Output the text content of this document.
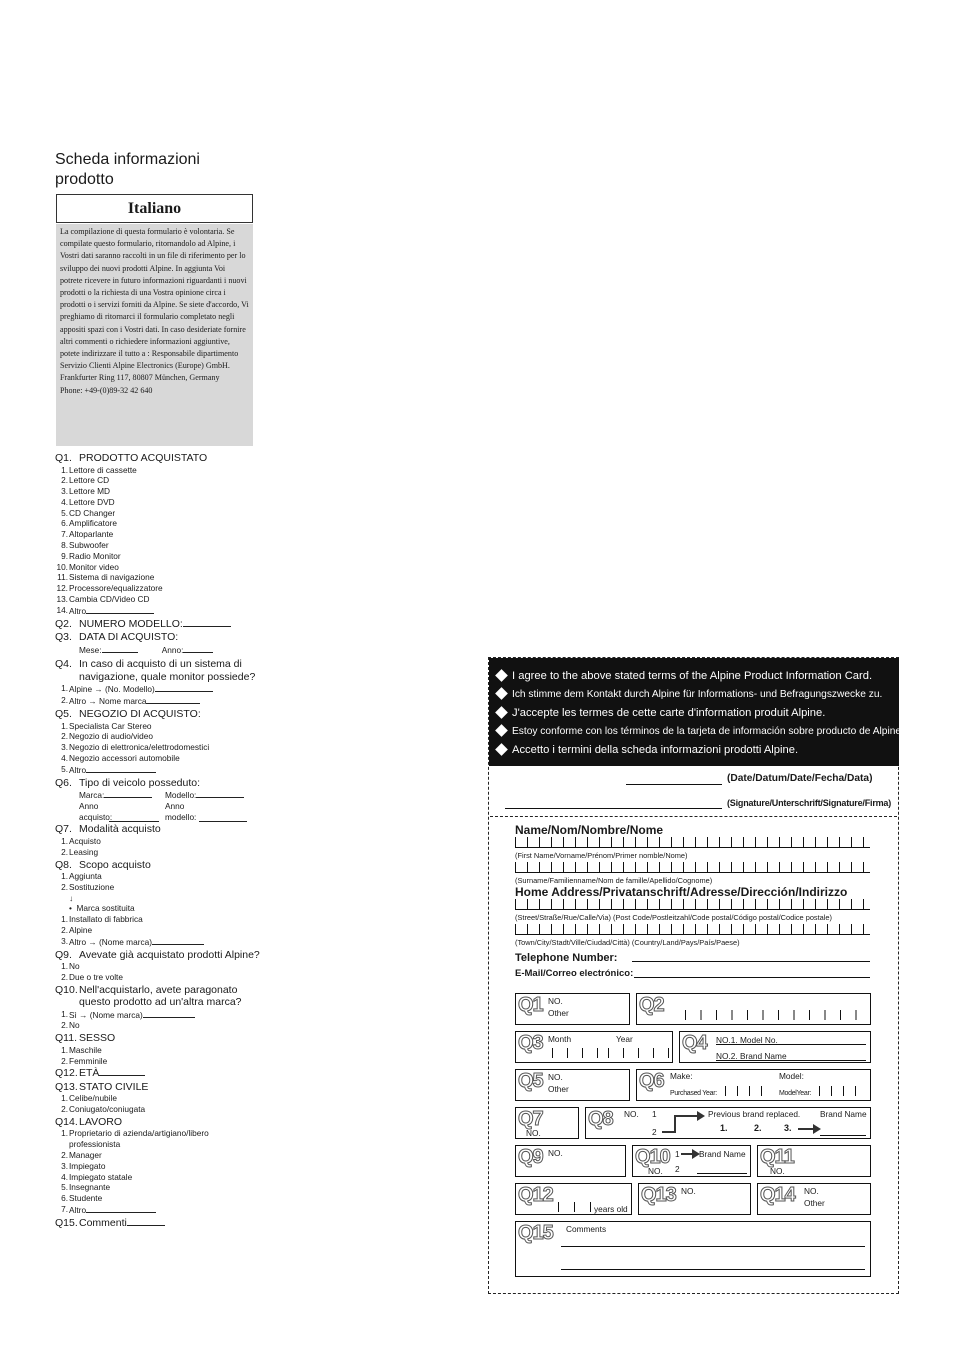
Scheda informazioni prodotto
Italiano

La compilazione di questa formulario è volontaria. Se compilate questo formulario, ritornandolo ad Alpine, i Vostri dati saranno raccolti in un file di riferimento per lo sviluppo dei nuovi prodotti Alpine. In aggiunta Voi potrete ricevere in futuro informazioni riguardanti i nuovi prodotti o la richiesta di una Vostra opinione circa i prodotti o i servizi forniti da Alpine. Se siete d'accordo, Vi preghiamo di ritornarci il formulario completato negli appositi spazi con i Vostri dati. In caso desideriate fornire altri commenti o richiedere informazioni aggiuntive, potete indirizzare il tutto a : Responsabile dipartimento Servizio Clienti Alpine Electronics (Europe) GmbH.

Frankfurter Ring 117, 80807 München, Germany

Phone: +49-(0)89-32 42 640

Q1. PRODOTTO ACQUISTATO
1. Lettore di cassette
2. Lettore CD
3. Lettore MD
4. Lettore DVD
5. CD Changer
6. Amplificatore
7. Altoparlante
8. Subwoofer
9. Radio Monitor
10. Monitor video
11. Sistema di navigazione
12. Processore/equalizzatore
13. Cambia CD/Video CD
14. Altro
Q2. NUMERO MODELLO:
Q3. DATA DI ACQUISTO:
Mese:	Anno:
Q4. In caso di acquisto di un sistema di navigazione, quale monitor possiede?
1. Alpine → (No. Modello)
2. Altro → Nome marca
Q5. NEGOZIO DI ACQUISTO:
1. Specialista Car Stereo
2. Negozio di audio/video
3. Negozio di elettronica/elettrodomestici
4. Negozio accessori automobile
5. Altro
Q6. Tipo di veicolo posseduto:
Marca:	Modello:
Anno acquisto:
Anno modello:
Q7. Modalità acquisto
1. Acquisto
2. Leasing
Q8. Scopo acquisto
1. Aggiunta
2. Sostituzione
↓
•  Marca sostituita
1. Installato di fabbrica
2. Alpine
3. Altro → (Nome marca)
Q9. Avevate già acquistato prodotti Alpine?
1. No
2. Due o tre volte
Q10. Nell'acquistarlo, avete paragonato questo prodotto ad un'altra marca?
1. Sì → (Nome marca)
2. No
Q11. SESSO
1. Maschile
2. Femminile
Q12. ETÀ
Q13. STATO CIVILE
1. Celibe/nubile
2. Coniugato/coniugata
Q14. LAVORO
1. Proprietario di azienda/artigiano/libero professionista
2. Manager
3. Impiegato
4. Impiegato statale
5. Insegnante
6. Studente
7. Altro
Q15. Commenti
I agree to the above stated terms of the Alpine Product Information Card.
Ich stimme dem Kontakt durch Alpine für Informations- und Befragungszwecke zu.
J'accepte les termes de cette carte d'information produit Alpine.
Estoy conforme con los términos de la tarjeta de información sobre producto de Alpine.
Accetto i termini della scheda informazioni prodotti Alpine.
(Date/Datum/Date/Fecha/Data)
(Signature/Unterschrift/Signature/Firma)
Name/Nom/Nombre/Nome
(First Name/Vorname/Prénom/Primer nomble/Nome)
(Surname/Familienname/Nom de famille/Apellido/Cognome)
Home Address/Privatanschrift/Adresse/Dirección/Indirizzo
(Street/Straße/Rue/Calle/Via) (Post Code/Postleitzahl/Code postal/Código postal/Codice postale)
(Town/City/Stadt/Ville/Ciudad/Città) (Country/Land/Pays/País/Paese)
Telephone Number:
E-Mail/Correo electrónico:
Q1 NO.
Other	Q2
Q3 Month	Year Q4 NO.1. Model No.
NO.2. Brand Name
Q5 NO.
Other	Q6 Make:	Model:
Purchased Year:	ModelYear:
Q7
NO.
Q8 NO. 1
2
Previous brand replaced. Brand Name
1.	2. 3.
Q9 NO.	Q10 1 Brand Name
NO. 2
Q11
NO.
Q12
years old
Q13 NO.	Q14 NO.
Other
Q15 Comments
